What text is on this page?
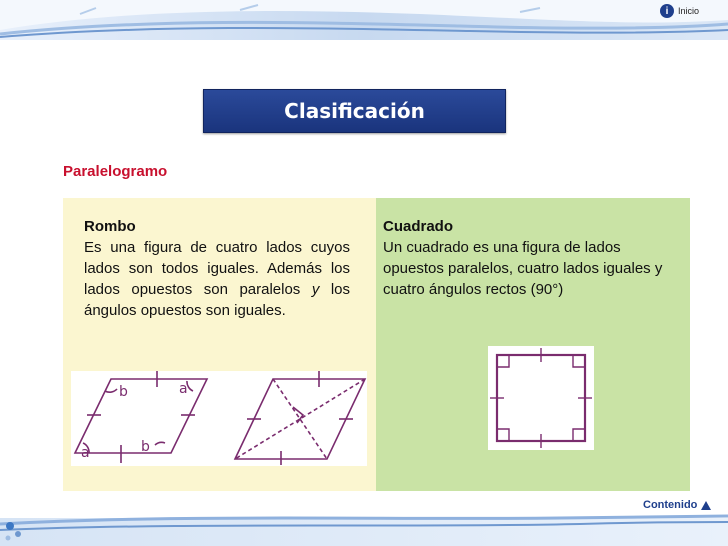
i	Inicio
Clasificación
Paralelogramo
Rombo
Es una figura de cuatro lados cuyos lados son todos iguales. Además los lados opuestos son paralelos y los ángulos opuestos son iguales.
Cuadrado
Un cuadrado es una figura de lados opuestos paralelos, cuatro lados iguales y cuatro ángulos rectos (90°)
b	a
a	b
Contenido
